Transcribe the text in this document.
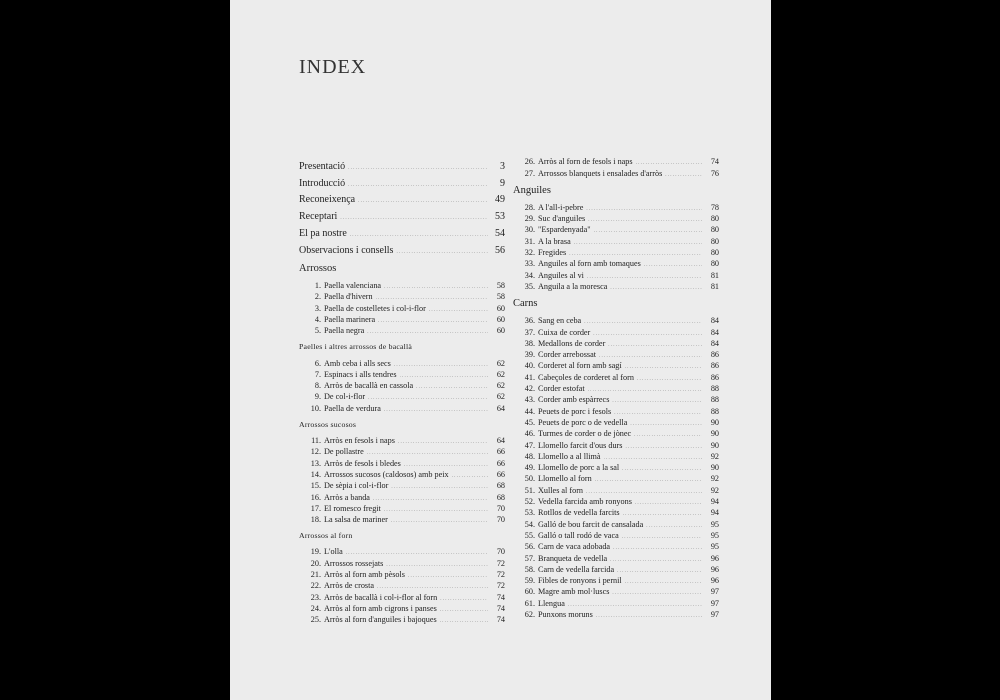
INDEX
Presentació . . .	3
Introducció . . .	9
Reconeixença . . .	49
Receptari . . .	53
El pa nostre . . .	54
Observacions i consells . . .	56
Arrossos
1. Paella valenciana . . .	58
2. Paella d'hivern . . .	58
3. Paella de costelletes i col-i-flor . . .	60
4. Paella marinera . . .	60
5. Paella negra . . .	60
Paelles i altres arrossos de bacallà
6. Amb ceba i alls secs . . .	62
7. Espinacs i alls tendres . . .	62
8. Arròs de bacallà en cassola . . .	62
9. De col-i-flor . . .	62
10. Paella de verdura . . .	64
Arrossos sucosos
11. Arròs en fesols i naps . . .	64
12. De pollastre . . .	66
13. Arròs de fesols i bledes . . .	66
14. Arrossos sucosos (caldosos) amb peix . . .	66
15. De sèpia i col-i-flor . . .	68
16. Arròs a banda . . .	68
17. El romesco fregit . . .	70
18. La salsa de mariner . . .	70
Arrossos al forn
19. L'olla . . .	70
20. Arrossos rossejats . . .	72
21. Arròs al forn amb pèsols . . .	72
22. Arròs de crosta . . .	72
23. Arròs de bacallà i col-i-flor al forn . . .	74
24. Arròs al forn amb cigrons i panses . . .	74
25. Arròs al forn d'anguiles i bajoques . . .	74
26. Arròs al forn de fesols i naps . . .	74
27. Arrossos blanquets i ensalades d'arròs . . .	76
Anguiles
28. A l'all-i-pebre . . .	78
29. Suc d'anguiles . . .	80
30. "Espardenyada" . . .	80
31. A la brasa . . .	80
32. Fregides . . .	80
33. Anguiles al forn amb tomaques . . .	80
34. Anguiles al vi . . .	81
35. Anguila a la moresca . . .	81
Carns
36. Sang en ceba . . .	84
37. Cuixa de corder . . .	84
38. Medallons de corder . . .	84
39. Corder arrebossat . . .	86
40. Corderet al forn amb sagí . . .	86
41. Cabeçoles de corderet al forn . . .	86
42. Corder estofat . . .	88
43. Corder amb espàrrecs . . .	88
44. Peuets de porc i fesols . . .	88
45. Peuets de porc o de vedella . . .	90
46. Turmes de corder o de jònec . . .	90
47. Llomello farcit d'ous durs . . .	90
48. Llomello a al llimà . . .	92
49. Llomello de porc a la sal . . .	90
50. Llomello al forn . . .	92
51. Xulles al forn . . .	92
52. Vedella farcida amb ronyons . . .	94
53. Rotllos de vedella farcits . . .	94
54. Galló de bou farcit de cansalada . . .	95
55. Galló o tall rodó de vaca . . .	95
56. Carn de vaca adobada . . .	95
57. Branqueta de vedella . . .	96
58. Carn de vedella farcida . . .	96
59. Fibles de ronyons i pernil . . .	96
60. Magre amb mol·luscs . . .	97
61. Llengua . . .	97
62. Punxons moruns . . .	97
